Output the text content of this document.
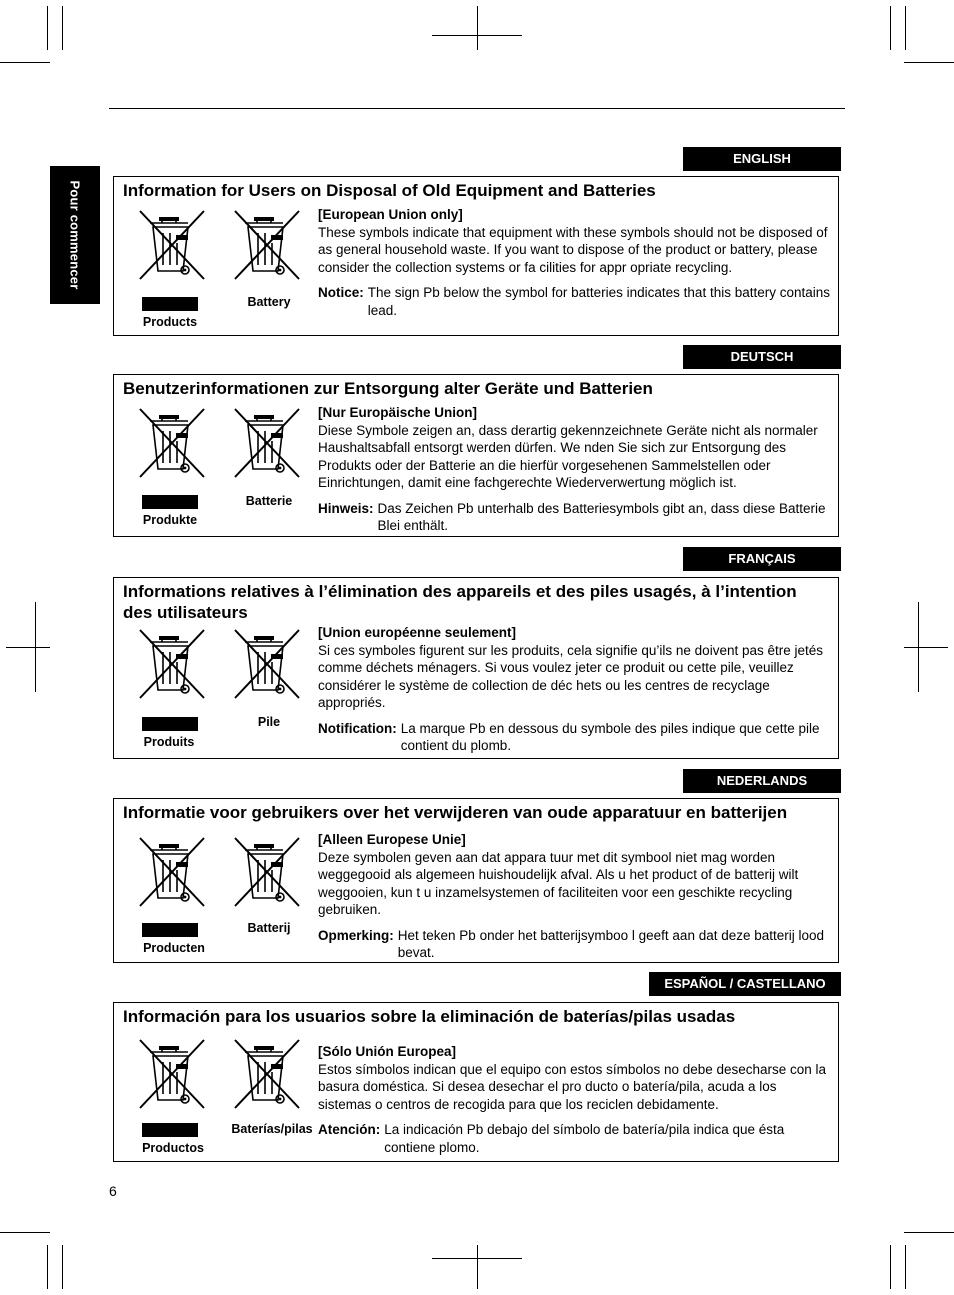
Pour commencer
ENGLISH
Information for Users on Disposal of Old Equipment and Batteries
Products
Battery
[European Union only]
These symbols indicate that equipment with these symbols should not be disposed of as general household waste. If you want to dispose of the product or battery, please consider the collection systems or fa cilities for appr opriate recycling.
Notice: The sign Pb below the symbol for batteries indicates that this battery contains lead.
DEUTSCH
Benutzerinformationen zur Entsorgung alter Geräte und Batterien
Produkte
Batterie
[Nur Europäische Union]
Diese Symbole zeigen an, dass derartig gekennzeichnete Geräte nicht als normaler Haushaltsabfall entsorgt werden dürfen. We nden Sie sich zur Entsorgung des Produkts oder der Batterie an die hierfür vorgesehenen Sammelstellen oder Einrichtungen, damit eine fachgerechte Wiederverwertung möglich ist.
Hinweis: Das Zeichen Pb unterhalb des Batteriesymbols gibt an, dass diese Batterie Blei enthält.
FRANÇAIS
Informations relatives à l’élimination des appareils et des piles usagés, à l’intention des utilisateurs
Produits
Pile
[Union européenne seulement]
Si ces symboles figurent sur les produits, cela signifie qu’ils ne doivent pas être jetés comme déchets ménagers. Si vous voulez jeter ce produit ou cette pile, veuillez considérer le système de collection de déc hets ou les centres de recyclage appropriés.
Notification: La marque Pb en dessous du symbole des piles indique que cette pile contient du plomb.
NEDERLANDS
Informatie voor gebruikers over het verwijderen van oude apparatuur en batterijen
Producten
Batterij
[Alleen Europese Unie]
Deze symbolen geven aan dat appara tuur met dit symbool niet mag worden weggegooid als algemeen huishoudelijk afval. Als u het product of de batterij wilt weggooien, kun t u inzamelsystemen of faciliteiten voor een geschikte recycling gebruiken.
Opmerking: Het teken Pb onder het batterijsymboo l geeft aan dat deze batterij lood bevat.
ESPAÑOL / CASTELLANO
Información para los usuarios sobre la eliminación de baterías/pilas usadas
Productos
Baterías/pilas
[Sólo Unión Europea]
Estos símbolos indican que el equipo con estos símbolos no debe desecharse con la basura doméstica. Si desea desechar el pro ducto o batería/pila, acuda a los sistemas o centros de recogida para que los reciclen debidamente.
Atención: La indicación Pb debajo del símbolo de batería/pila indica que ésta contiene plomo.
6
